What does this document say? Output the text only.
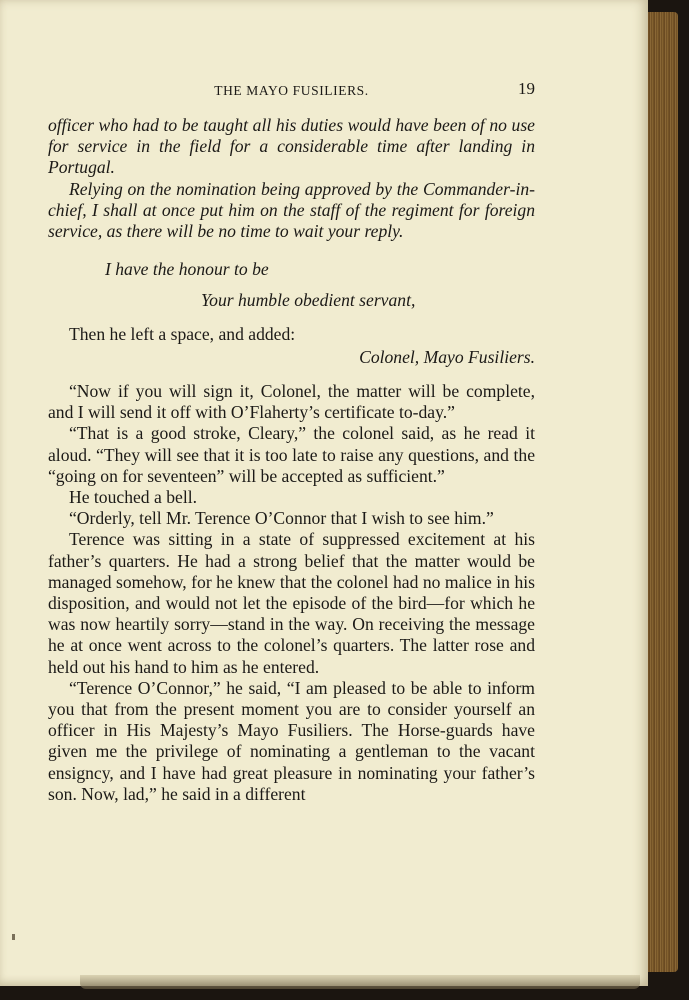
THE MAYO FUSILIERS.	19

officer who had to be taught all his duties would have been of no use for service in the field for a considerable time after landing in Portugal.

Relying on the nomination being approved by the Commander-in-chief, I shall at once put him on the staff of the regiment for foreign service, as there will be no time to wait your reply.

I have the honour to be

Your humble obedient servant,

Then he left a space, and added:

Colonel, Mayo Fusiliers.

“Now if you will sign it, Colonel, the matter will be complete, and I will send it off with O’Flaherty’s certificate to-day.”

“That is a good stroke, Cleary,” the colonel said, as he read it aloud. “They will see that it is too late to raise any questions, and the “going on for seventeen” will be accepted as sufficient.”

He touched a bell.

“Orderly, tell Mr. Terence O’Connor that I wish to see him.”

Terence was sitting in a state of suppressed excitement at his father’s quarters. He had a strong belief that the matter would be managed somehow, for he knew that the colonel had no malice in his disposition, and would not let the episode of the bird—for which he was now heartily sorry—stand in the way. On receiving the message he at once went across to the colonel’s quarters. The latter rose and held out his hand to him as he entered.

“Terence O’Connor,” he said, “I am pleased to be able to inform you that from the present moment you are to consider yourself an officer in His Majesty’s Mayo Fusiliers. The Horse-guards have given me the privilege of nominating a gentleman to the vacant ensigncy, and I have had great pleasure in nominating your father’s son. Now, lad,” he said in a different
